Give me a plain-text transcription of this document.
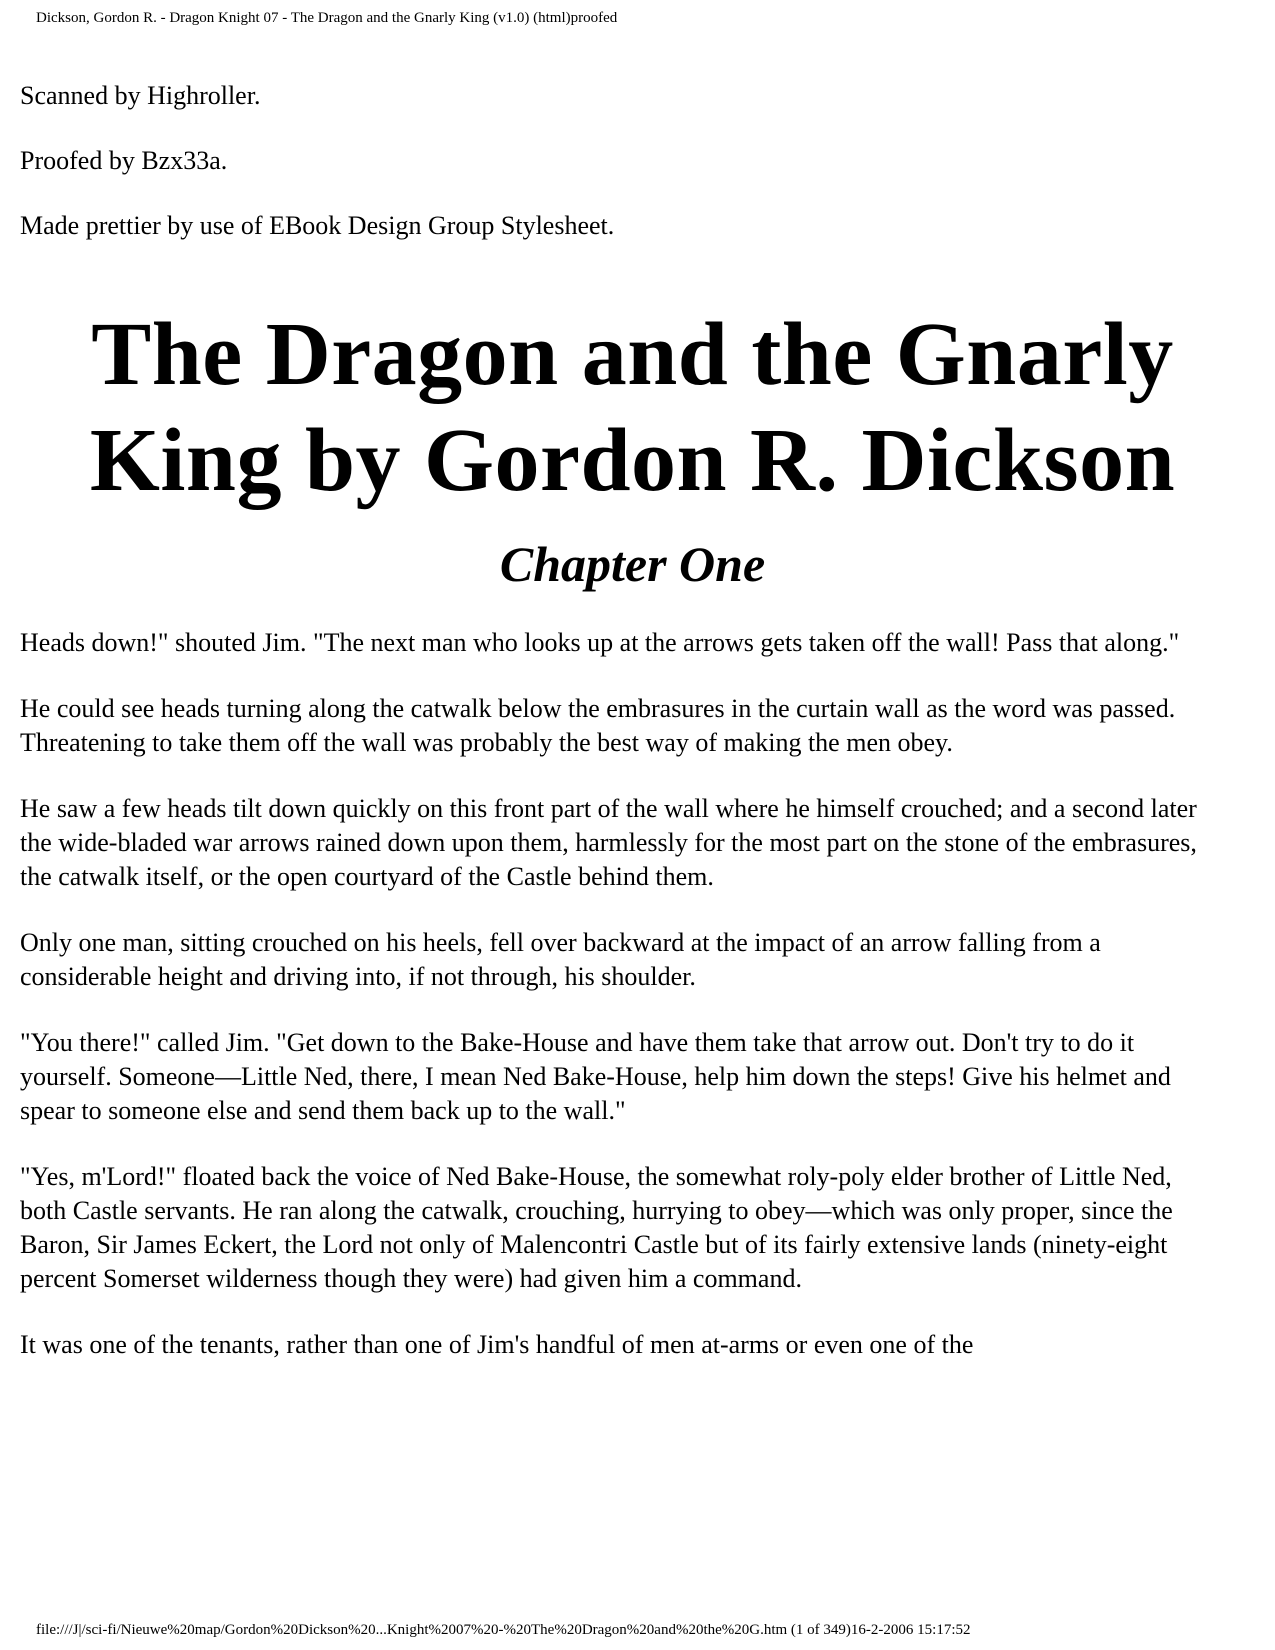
Dickson, Gordon R. - Dragon Knight 07 - The Dragon and the Gnarly King (v1.0) (html)proofed
Scanned by Highroller.
Proofed by Bzx33a.
Made prettier by use of EBook Design Group Stylesheet.
The Dragon and the Gnarly King by Gordon R. Dickson
Chapter One

Heads down!" shouted Jim. "The next man who looks up at the arrows gets taken off the wall! Pass that along."

He could see heads turning along the catwalk below the embrasures in the curtain wall as the word was passed. Threatening to take them off the wall was probably the best way of making the men obey.

He saw a few heads tilt down quickly on this front part of the wall where he himself crouched; and a second later the wide-bladed war arrows rained down upon them, harmlessly for the most part on the stone of the embrasures, the catwalk itself, or the open courtyard of the Castle behind them.

Only one man, sitting crouched on his heels, fell over backward at the impact of an arrow falling from a considerable height and driving into, if not through, his shoulder.

"You there!" called Jim. "Get down to the Bake-House and have them take that arrow out. Don't try to do it yourself. Someone—Little Ned, there, I mean Ned Bake-House, help him down the steps! Give his helmet and spear to someone else and send them back up to the wall."

"Yes, m'Lord!" floated back the voice of Ned Bake-House, the somewhat roly-poly elder brother of Little Ned, both Castle servants. He ran along the catwalk, crouching, hurrying to obey—which was only proper, since the Baron, Sir James Eckert, the Lord not only of Malencontri Castle but of its fairly extensive lands (ninety-eight percent Somerset wilderness though they were) had given him a command.

It was one of the tenants, rather than one of Jim's handful of men at-arms or even one of the

file:///J|/sci-fi/Nieuwe%20map/Gordon%20Dickson%20...Knight%2007%20-%20The%20Dragon%20and%20the%20G.htm (1 of 349)16-2-2006 15:17:52
